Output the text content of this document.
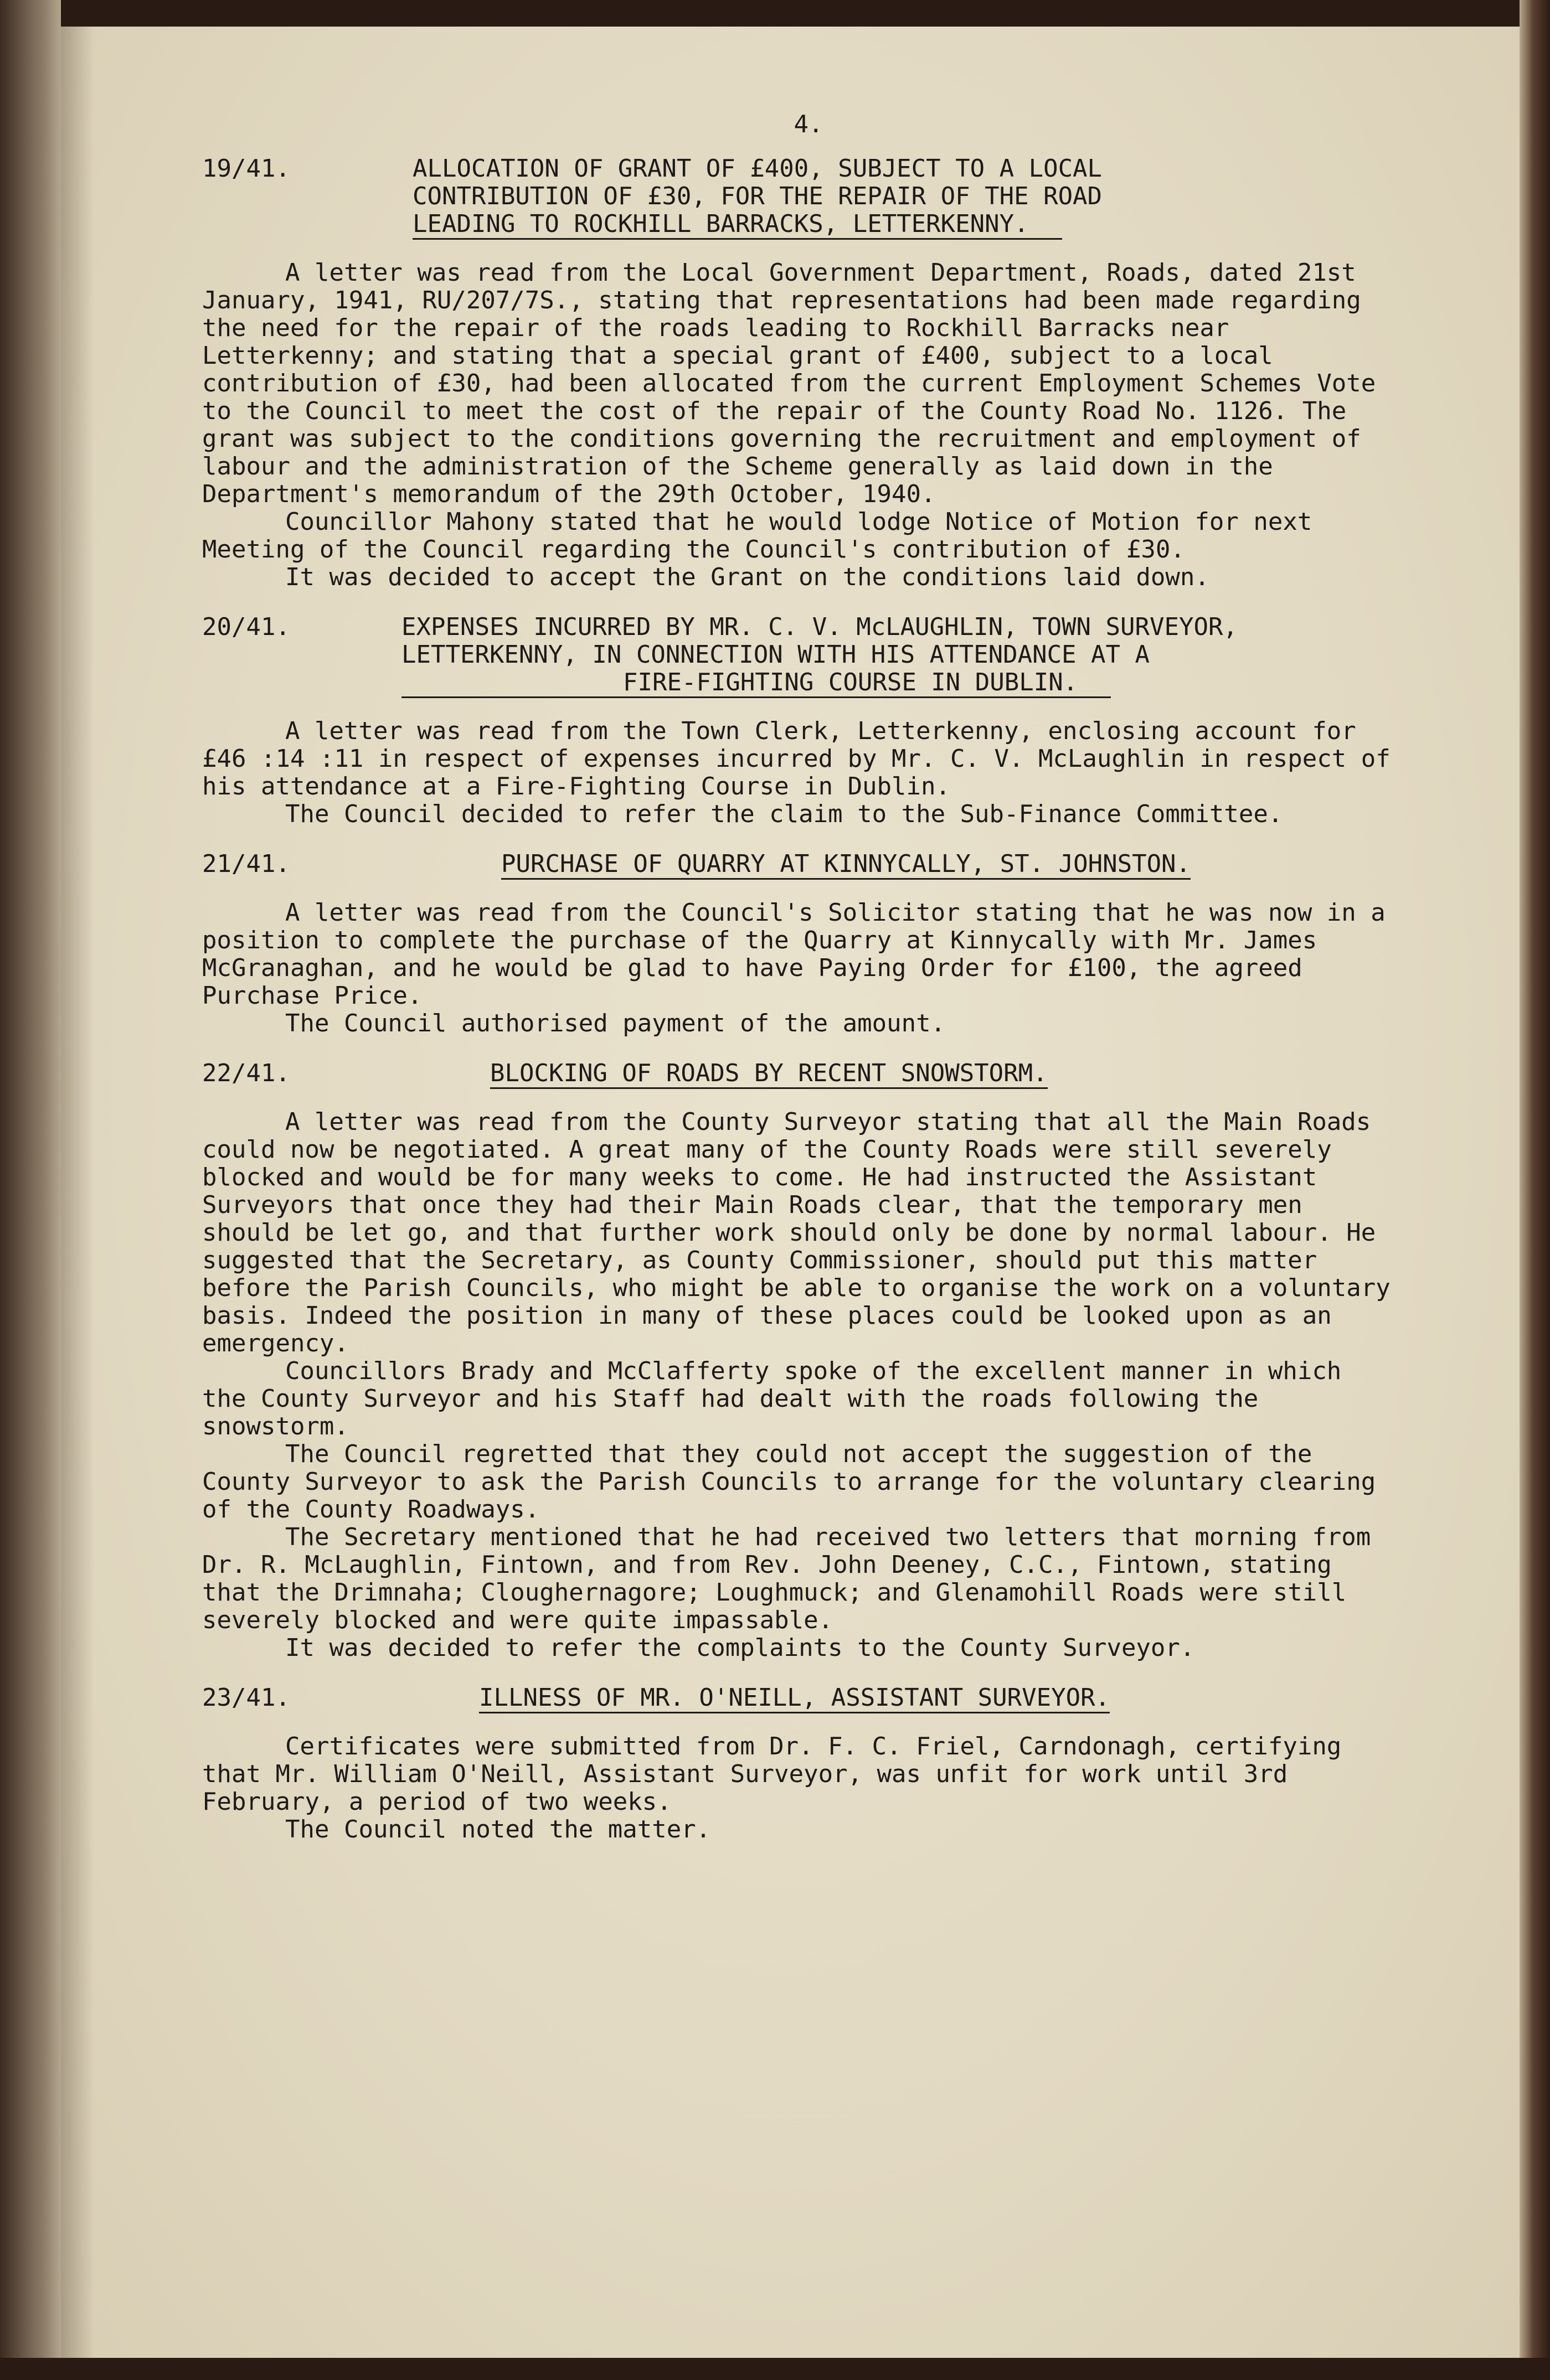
4.
19/41.	ALLOCATION OF GRANT OF £400, SUBJECT TO A LOCAL
CONTRIBUTION OF £30, FOR THE REPAIR OF THE ROAD
LEADING TO ROCKHILL BARRACKS, LETTERKENNY.

A letter was read from the Local Government Department, Roads, dated 21st January, 1941, RU/207/7S., stating that representations had been made regarding the need for the repair of the roads leading to Rockhill Barracks near Letterkenny; and stating that a special grant of £400, subject to a local contribution of £30, had been allocated from the current Employment Schemes Vote to the Council to meet the cost of the repair of the County Road No. 1126. The grant was subject to the conditions governing the recruitment and employment of labour and the administration of the Scheme generally as laid down in the Department's memorandum of the 29th October, 1940.

Councillor Mahony stated that he would lodge Notice of Motion for next Meeting of the Council regarding the Council's contribution of £30.

It was decided to accept the Grant on the conditions laid down.

20/41.	EXPENSES INCURRED BY MR. C. V. McLAUGHLIN, TOWN SURVEYOR,
LETTERKENNY, IN CONNECTION WITH HIS ATTENDANCE AT A
FIRE-FIGHTING COURSE IN DUBLIN.

A letter was read from the Town Clerk, Letterkenny, enclosing account for £46 :14 :11 in respect of expenses incurred by Mr. C. V. McLaughlin in respect of his attendance at a Fire-Fighting Course in Dublin.

The Council decided to refer the claim to the Sub-Finance Committee.

21/41.	PURCHASE OF QUARRY AT KINNYCALLY, ST. JOHNSTON.

A letter was read from the Council's Solicitor stating that he was now in a position to complete the purchase of the Quarry at Kinnycally with Mr. James McGranaghan, and he would be glad to have Paying Order for £100, the agreed Purchase Price.

The Council authorised payment of the amount.

22/41.	BLOCKING OF ROADS BY RECENT SNOWSTORM.

A letter was read from the County Surveyor stating that all the Main Roads could now be negotiated. A great many of the County Roads were still severely blocked and would be for many weeks to come. He had instructed the Assistant Surveyors that once they had their Main Roads clear, that the temporary men should be let go, and that further work should only be done by normal labour. He suggested that the Secretary, as County Commissioner, should put this matter before the Parish Councils, who might be able to organise the work on a voluntary basis. Indeed the position in many of these places could be looked upon as an emergency.

Councillors Brady and McClafferty spoke of the excellent manner in which the County Surveyor and his Staff had dealt with the roads following the snowstorm.

The Council regretted that they could not accept the suggestion of the County Surveyor to ask the Parish Councils to arrange for the voluntary clearing of the County Roadways.

The Secretary mentioned that he had received two letters that morning from Dr. R. McLaughlin, Fintown, and from Rev. John Deeney, C.C., Fintown, stating that the Drimnaha; Cloughernagore; Loughmuck; and Glenamohill Roads were still severely blocked and were quite impassable.

It was decided to refer the complaints to the County Surveyor.

23/41.	ILLNESS OF MR. O'NEILL, ASSISTANT SURVEYOR.

Certificates were submitted from Dr. F. C. Friel, Carndonagh, certifying that Mr. William O'Neill, Assistant Surveyor, was unfit for work until 3rd February, a period of two weeks.

The Council noted the matter.
